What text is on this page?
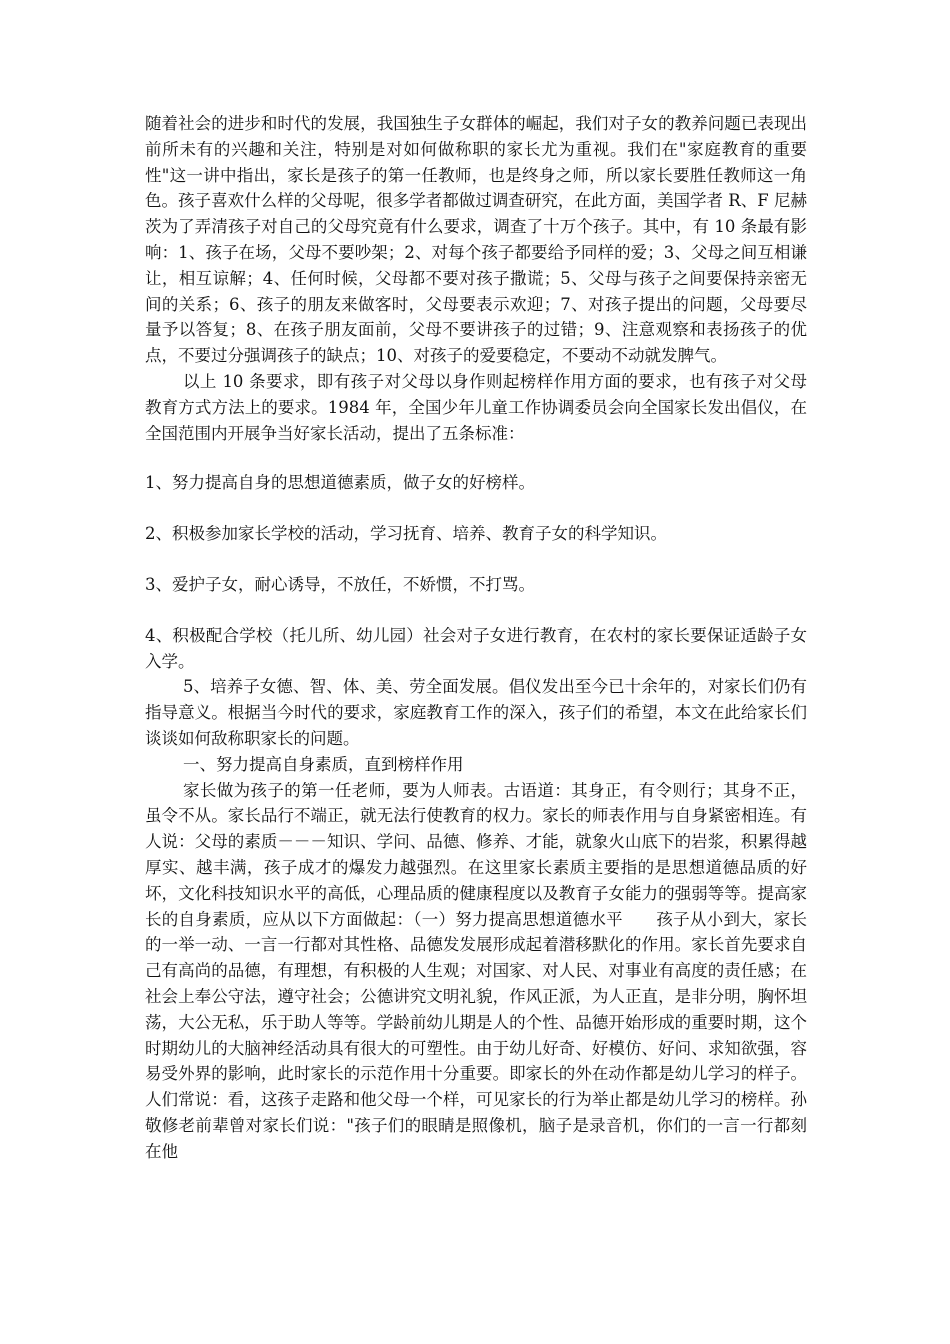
随着社会的进步和时代的发展，我国独生子女群体的崛起，我们对子女的教养问题已表现出前所未有的兴趣和关注，特别是对如何做称职的家长尤为重视。我们在"家庭教育的重要性"这一讲中指出，家长是孩子的第一任教师，也是终身之师，所以家长要胜任教师这一角色。孩子喜欢什么样的父母呢，很多学者都做过调查研究，在此方面，美国学者 R、F 尼赫茨为了弄清孩子对自己的父母究竟有什么要求，调查了十万个孩子。其中，有 10 条最有影响：1、孩子在场，父母不要吵架；2、对每个孩子都要给予同样的爱；3、父母之间互相谦让，相互谅解；4、任何时候，父母都不要对孩子撒谎；5、父母与孩子之间要保持亲密无间的关系；6、孩子的朋友来做客时，父母要表示欢迎；7、对孩子提出的问题，父母要尽量予以答复；8、在孩子朋友面前，父母不要讲孩子的过错；9、注意观察和表扬孩子的优点，不要过分强调孩子的缺点；10、对孩子的爱要稳定，不要动不动就发脾气。

以上 10 条要求，即有孩子对父母以身作则起榜样作用方面的要求，也有孩子对父母教育方式方法上的要求。1984 年，全国少年儿童工作协调委员会向全国家长发出倡仪，在全国范围内开展争当好家长活动，提出了五条标准：

1、努力提高自身的思想道德素质，做子女的好榜样。

2、积极参加家长学校的活动，学习抚育、培养、教育子女的科学知识。

3、爱护子女，耐心诱导，不放任，不娇惯，不打骂。

4、积极配合学校（托儿所、幼儿园）社会对子女进行教育，在农村的家长要保证适龄子女入学。

5、培养子女德、智、体、美、劳全面发展。倡仪发出至今已十余年的，对家长们仍有指导意义。根据当今时代的要求，家庭教育工作的深入，孩子们的希望，本文在此给家长们谈谈如何敌称职家长的问题。

一、努力提高自身素质，直到榜样作用

家长做为孩子的第一任老师，要为人师表。古语道：其身正，有令则行；其身不正，虽令不从。家长品行不端正，就无法行使教育的权力。家长的师表作用与自身紧密相连。有人说：父母的素质－－－知识、学问、品德、修养、才能，就象火山底下的岩浆，积累得越厚实、越丰满，孩子成才的爆发力越强烈。在这里家长素质主要指的是思想道德品质的好坏，文化科技知识水平的高低，心理品质的健康程度以及教育子女能力的强弱等等。提高家长的自身素质，应从以下方面做起：（一）努力提高思想道德水平　　孩子从小到大，家长的一举一动、一言一行都对其性格、品德发发展形成起着潜移默化的作用。家长首先要求自己有高尚的品德，有理想，有积极的人生观；对国家、对人民、对事业有高度的责任感；在社会上奉公守法，遵守社会；公德讲究文明礼貌，作风正派，为人正直，是非分明，胸怀坦荡，大公无私，乐于助人等等。学龄前幼儿期是人的个性、品德开始形成的重要时期，这个时期幼儿的大脑神经活动具有很大的可塑性。由于幼儿好奇、好模仿、好问、求知欲强，容易受外界的影响，此时家长的示范作用十分重要。即家长的外在动作都是幼儿学习的样子。人们常说：看，这孩子走路和他父母一个样，可见家长的行为举止都是幼儿学习的榜样。孙敬修老前辈曾对家长们说："孩子们的眼睛是照像机，脑子是录音机，你们的一言一行都刻在他
